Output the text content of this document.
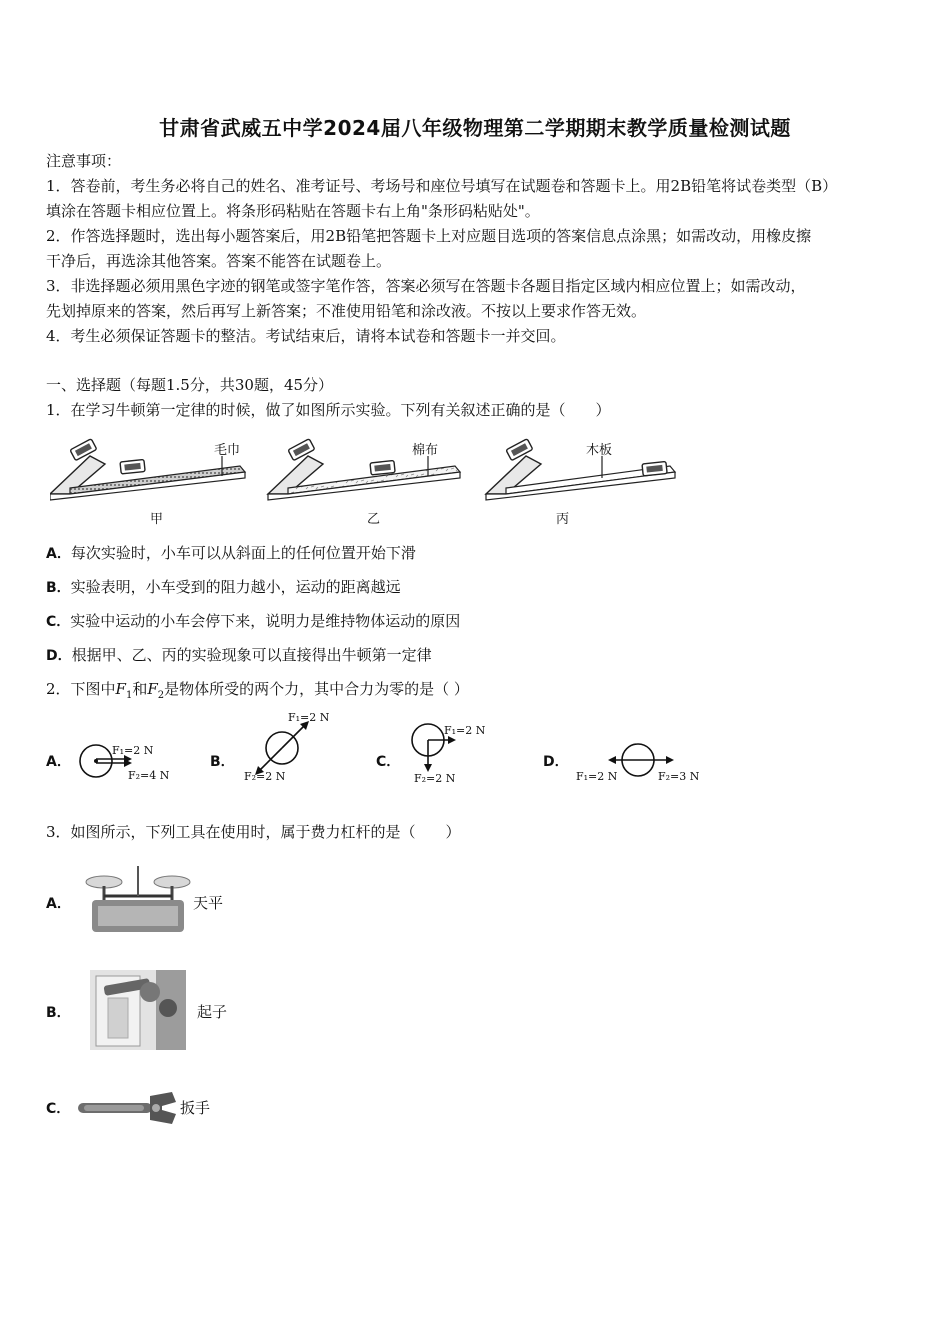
甘肃省武威五中学2024届八年级物理第二学期期末教学质量检测试题
注意事项：
1．答卷前，考生务必将自己的姓名、准考证号、考场号和座位号填写在试题卷和答题卡上。用2B铅笔将试卷类型（B）
填涂在答题卡相应位置上。将条形码粘贴在答题卡右上角"条形码粘贴处"。
2．作答选择题时，选出每小题答案后，用2B铅笔把答题卡上对应题目选项的答案信息点涂黑；如需改动，用橡皮擦
干净后，再选涂其他答案。答案不能答在试题卷上。
3．非选择题必须用黑色字迹的钢笔或签字笔作答，答案必须写在答题卡各题目指定区域内相应位置上；如需改动，
先划掉原来的答案，然后再写上新答案；不准使用铅笔和涂改液。不按以上要求作答无效。
4．考生必须保证答题卡的整洁。考试结束后，请将本试卷和答题卡一并交回。
一、选择题（每题1.5分，共30题，45分）
1．在学习牛顿第一定律的时候，做了如图所示实验。下列有关叙述正确的是（　　）
毛巾	棉布	木板
甲	乙	丙
A．每次实验时，小车可以从斜面上的任何位置开始下滑
B．实验表明，小车受到的阻力越小，运动的距离越远
C．实验中运动的小车会停下来，说明力是维持物体运动的原因
D．根据甲、乙、丙的实验现象可以直接得出牛顿第一定律
2．下图中$F_1$和$F_2$是物体所受的两个力，其中合力为零的是（ ）
A．
F₁=2 N
F₂=4 N
B．
F₁=2 N
F₂=2 N
C．
F₁=2 N
F₂=2 N
D．
F₁=2 N	F₂=3 N
3．如图所示，下列工具在使用时，属于费力杠杆的是（　　）
A．	天平
B．	起子
C．	扳手
